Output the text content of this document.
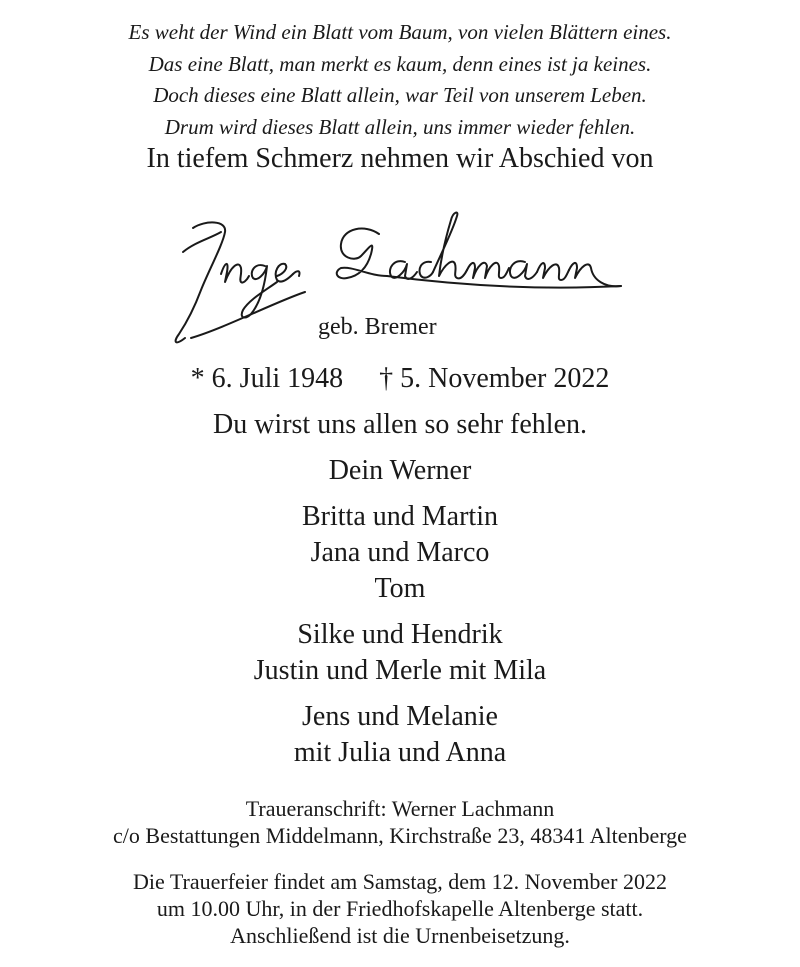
Es weht der Wind ein Blatt vom Baum, von vielen Blättern eines.
Das eine Blatt, man merkt es kaum, denn eines ist ja keines.
Doch dieses eine Blatt allein, war Teil von unserem Leben.
Drum wird dieses Blatt allein, uns immer wieder fehlen.
In tiefem Schmerz nehmen wir Abschied von
geb. Bremer
* 6. Juli 1948 † 5. November 2022
Du wirst uns allen so sehr fehlen.
Dein Werner
Britta und Martin
Jana und Marco
Tom
Silke und Hendrik
Justin und Merle mit Mila
Jens und Melanie
mit Julia und Anna
Traueranschrift: Werner Lachmann
c/o Bestattungen Middelmann, Kirchstraße 23, 48341 Altenberge
Die Trauerfeier findet am Samstag, dem 12. November 2022
um 10.00 Uhr, in der Friedhofskapelle Altenberge statt.
Anschließend ist die Urnenbeisetzung.
